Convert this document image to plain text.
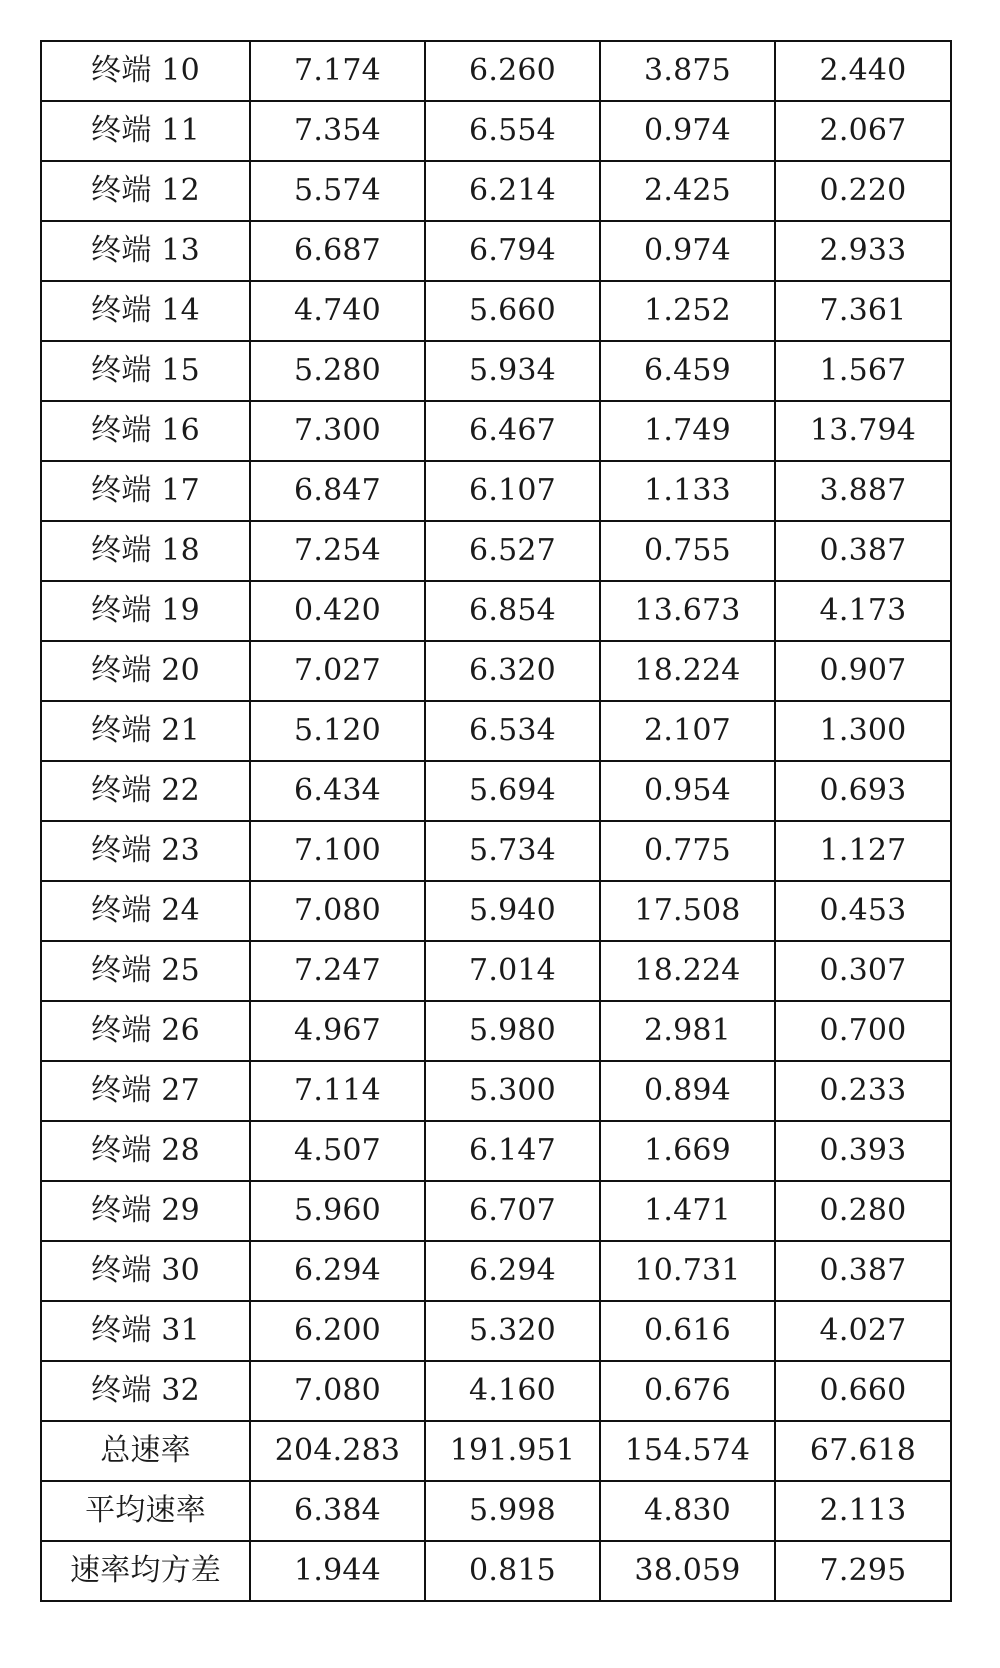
终端 10	7.174	6.260	3.875	2.440
终端 11	7.354	6.554	0.974	2.067
终端 12	5.574	6.214	2.425	0.220
终端 13	6.687	6.794	0.974	2.933
终端 14	4.740	5.660	1.252	7.361
终端 15	5.280	5.934	6.459	1.567
终端 16	7.300	6.467	1.749	13.794
终端 17	6.847	6.107	1.133	3.887
终端 18	7.254	6.527	0.755	0.387
终端 19	0.420	6.854	13.673	4.173
终端 20	7.027	6.320	18.224	0.907
终端 21	5.120	6.534	2.107	1.300
终端 22	6.434	5.694	0.954	0.693
终端 23	7.100	5.734	0.775	1.127
终端 24	7.080	5.940	17.508	0.453
终端 25	7.247	7.014	18.224	0.307
终端 26	4.967	5.980	2.981	0.700
终端 27	7.114	5.300	0.894	0.233
终端 28	4.507	6.147	1.669	0.393
终端 29	5.960	6.707	1.471	0.280
终端 30	6.294	6.294	10.731	0.387
终端 31	6.200	5.320	0.616	4.027
终端 32	7.080	4.160	0.676	0.660
总速率	204.283	191.951	154.574	67.618
平均速率	6.384	5.998	4.830	2.113
速率均方差	1.944	0.815	38.059	7.295
